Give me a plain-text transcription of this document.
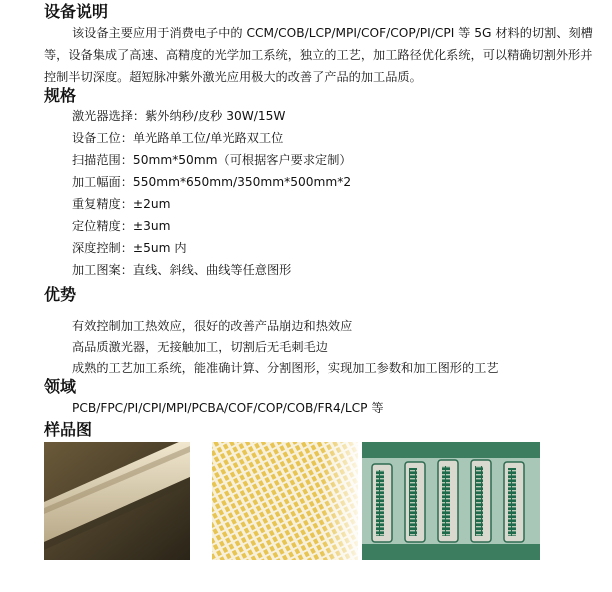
设备说明
该设备主要应用于消费电子中的 CCM/COB/LCP/MPI/COF/COP/PI/CPI 等 5G 材料的切割、刻槽等，设备集成了高速、高精度的光学加工系统，独立的工艺，加工路径优化系统，可以精确切割外形并控制半切深度。超短脉冲紫外激光应用极大的改善了产品的加工品质。
规格
激光器选择：紫外纳秒/皮秒 30W/15W
设备工位：单光路单工位/单光路双工位
扫描范围：50mm*50mm（可根据客户要求定制）
加工幅面：550mm*650mm/350mm*500mm*2
重复精度：±2um
定位精度：±3um
深度控制：±5um 内
加工图案：直线、斜线、曲线等任意图形
优势
有效控制加工热效应，很好的改善产品崩边和热效应
高品质激光器，无接触加工，切割后无毛刺毛边
成熟的工艺加工系统，能准确计算、分割图形，实现加工参数和加工图形的工艺
领域
PCB/FPC/PI/CPI/MPI/PCBA/COF/COP/COB/FR4/LCP 等
样品图
